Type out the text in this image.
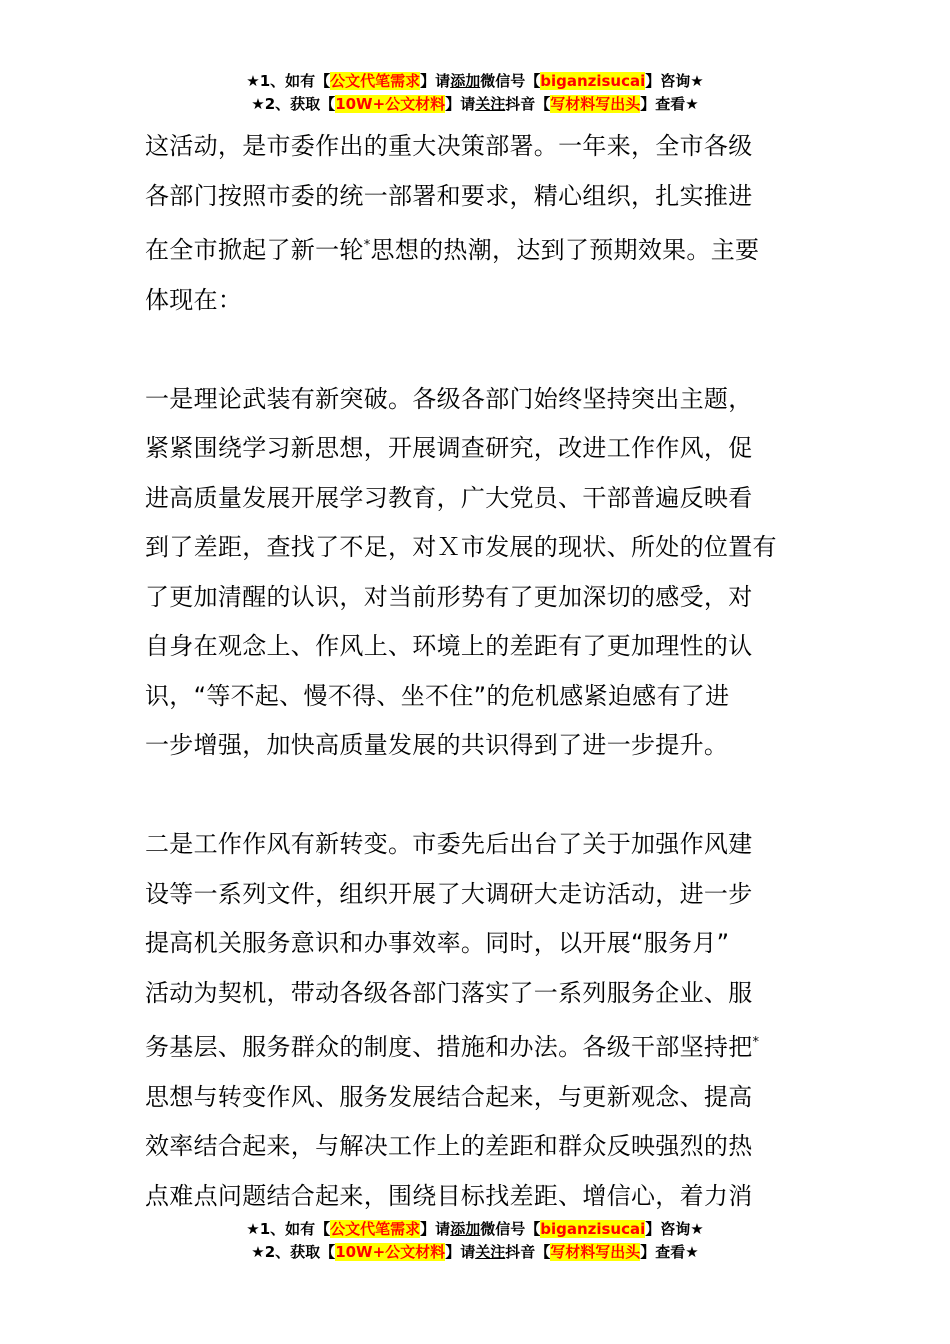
★1、如有【公文代笔需求】请添加微信号【biganzisucai】咨询★
★2、获取【10W+公文材料】请关注抖音【写材料写出头】查看★

这活动，是市委作出的重大决策部署。一年来，全市各级
各部门按照市委的统一部署和要求，精心组织，扎实推进
在全市掀起了新一轮*思想的热潮，达到了预期效果。主要
体现在：

一是理论武装有新突破。各级各部门始终坚持突出主题，
紧紧围绕学习新思想，开展调查研究，改进工作作风，促
进高质量发展开展学习教育，广大党员、干部普遍反映看
到了差距，查找了不足，对Ｘ市发展的现状、所处的位置有
了更加清醒的认识，对当前形势有了更加深切的感受，对
自身在观念上、作风上、环境上的差距有了更加理性的认
识，“等不起、慢不得、坐不住”的危机感紧迫感有了进
一步增强，加快高质量发展的共识得到了进一步提升。

二是工作作风有新转变。市委先后出台了关于加强作风建
设等一系列文件，组织开展了大调研大走访活动，进一步
提高机关服务意识和办事效率。同时，以开展“服务月”
活动为契机，带动各级各部门落实了一系列服务企业、服
务基层、服务群众的制度、措施和办法。各级干部坚持把*
思想与转变作风、服务发展结合起来，与更新观念、提高
效率结合起来，与解决工作上的差距和群众反映强烈的热
点难点问题结合起来，围绕目标找差距、增信心，着力消

★1、如有【公文代笔需求】请添加微信号【biganzisucai】咨询★
★2、获取【10W+公文材料】请关注抖音【写材料写出头】查看★
